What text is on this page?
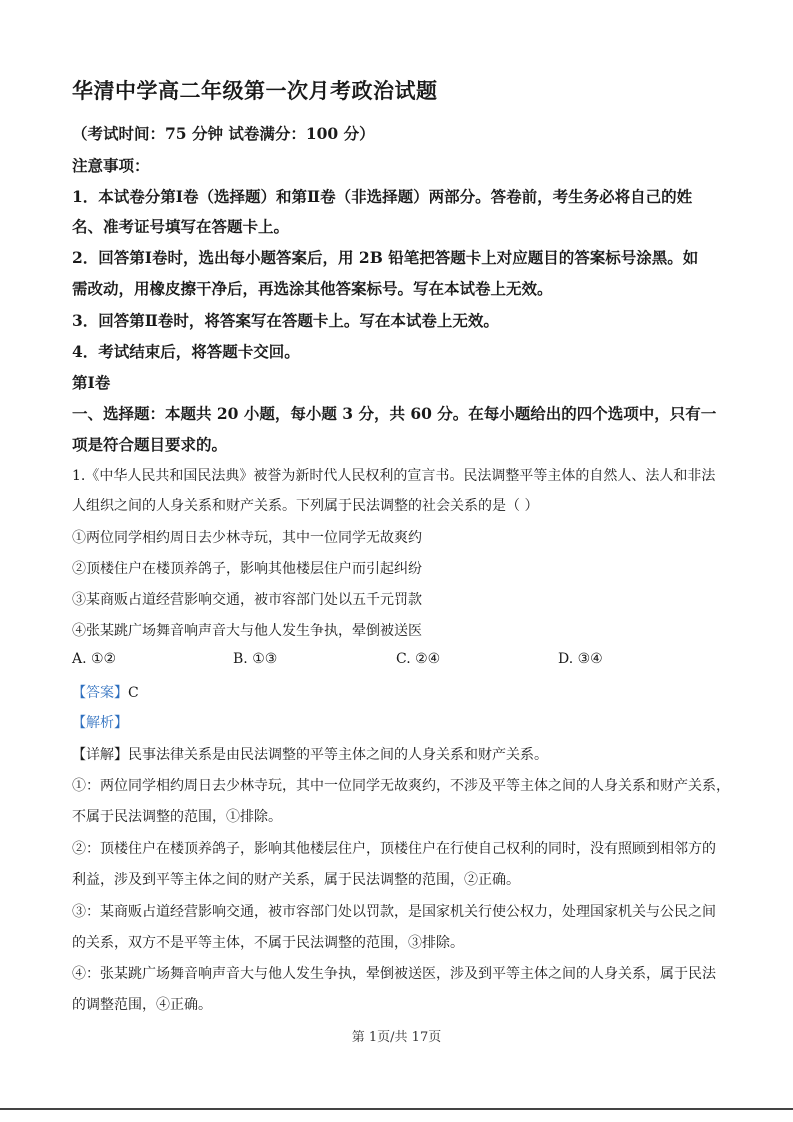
华清中学高二年级第一次月考政治试题
（考试时间：75 分钟 试卷满分：100 分）
注意事项：
1．本试卷分第Ⅰ卷（选择题）和第Ⅱ卷（非选择题）两部分。答卷前，考生务必将自己的姓
名、准考证号填写在答题卡上。
2．回答第Ⅰ卷时，选出每小题答案后，用 2B 铅笔把答题卡上对应题目的答案标号涂黑。如
需改动，用橡皮擦干净后，再选涂其他答案标号。写在本试卷上无效。
3．回答第Ⅱ卷时，将答案写在答题卡上。写在本试卷上无效。
4．考试结束后，将答题卡交回。
第Ⅰ卷
一、选择题：本题共 20 小题，每小题 3 分，共 60 分。在每小题给出的四个选项中，只有一
项是符合题目要求的。
1.《中华人民共和国民法典》被誉为新时代人民权利的宣言书。民法调整平等主体的自然人、法人和非法
人组织之间的人身关系和财产关系。下列属于民法调整的社会关系的是（ ）
①两位同学相约周日去少林寺玩，其中一位同学无故爽约
②顶楼住户在楼顶养鸽子，影响其他楼层住户而引起纠纷
③某商贩占道经营影响交通，被市容部门处以五千元罚款
④张某跳广场舞音响声音大与他人发生争执，晕倒被送医
A. ①②	B. ①③	C. ②④	D. ③④
【答案】C
【解析】
【详解】民事法律关系是由民法调整的平等主体之间的人身关系和财产关系。
①：两位同学相约周日去少林寺玩，其中一位同学无故爽约，不涉及平等主体之间的人身关系和财产关系，
不属于民法调整的范围，①排除。
②：顶楼住户在楼顶养鸽子，影响其他楼层住户，顶楼住户在行使自己权利的同时，没有照顾到相邻方的
利益，涉及到平等主体之间的财产关系，属于民法调整的范围，②正确。
③：某商贩占道经营影响交通，被市容部门处以罚款，是国家机关行使公权力，处理国家机关与公民之间
的关系，双方不是平等主体，不属于民法调整的范围，③排除。
④：张某跳广场舞音响声音大与他人发生争执，晕倒被送医，涉及到平等主体之间的人身关系，属于民法
的调整范围，④正确。
第 1页/共 17页
